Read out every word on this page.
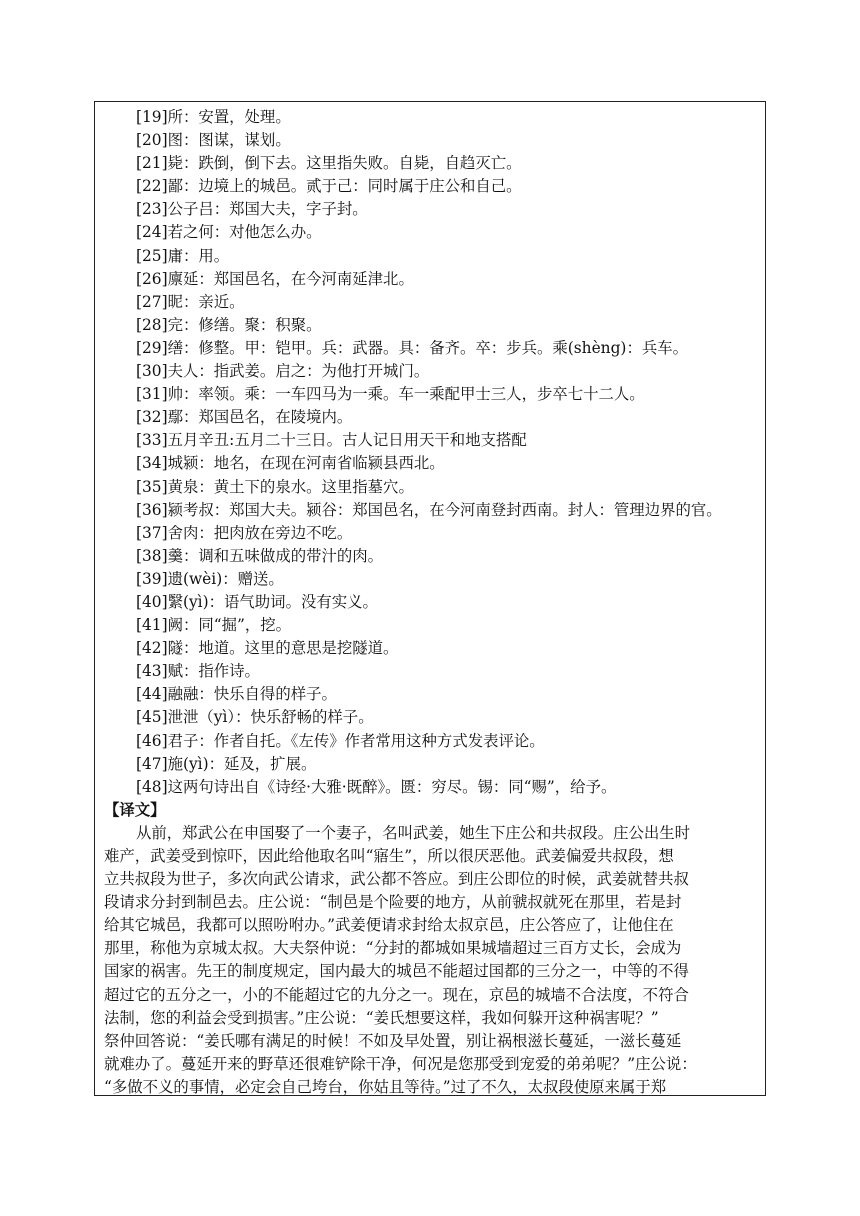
[19]所：安置，处理。
[20]图：图谋，谋划。
[21]毙：跌倒，倒下去。这里指失败。自毙，自趋灭亡。
[22]鄙：边境上的城邑。贰于己：同时属于庄公和自己。
[23]公子吕：郑国大夫，字子封。
[24]若之何：对他怎么办。
[25]庸：用。
[26]廪延：郑国邑名，在今河南延津北。
[27]昵：亲近。
[28]完：修缮。聚：积聚。
[29]缮：修整。甲：铠甲。兵：武器。具：备齐。卒：步兵。乘(shèng)：兵车。
[30]夫人：指武姜。启之：为他打开城门。
[31]帅：率领。乘：一车四马为一乘。车一乘配甲士三人，步卒七十二人。
[32]鄢：郑国邑名，在陵境内。
[33]五月辛丑:五月二十三日。古人记日用天干和地支搭配
[34]城颍：地名，在现在河南省临颍县西北。
[35]黄泉：黄土下的泉水。这里指墓穴。
[36]颍考叔：郑国大夫。颍谷：郑国邑名，在今河南登封西南。封人：管理边界的官。
[37]舍肉：把肉放在旁边不吃。
[38]羹：调和五味做成的带汁的肉。
[39]遗(wèi)：赠送。
[40]繄(yì)：语气助词。没有实义。
[41]阙：同“掘”，挖。
[42]隧：地道。这里的意思是挖隧道。
[43]赋：指作诗。
[44]融融：快乐自得的样子。
[45]泄泄（yì）：快乐舒畅的样子。
[46]君子：作者自托。《左传》作者常用这种方式发表评论。
[47]施(yì)：延及，扩展。
[48]这两句诗出自《诗经·大雅·既醉》。匮：穷尽。锡：同“赐”，给予。
【译文】
从前，郑武公在申国娶了一个妻子，名叫武姜，她生下庄公和共叔段。庄公出生时
难产，武姜受到惊吓，因此给他取名叫“寤生”，所以很厌恶他。武姜偏爱共叔段，想
立共叔段为世子，多次向武公请求，武公都不答应。到庄公即位的时候，武姜就替共叔
段请求分封到制邑去。庄公说：“制邑是个险要的地方，从前虢叔就死在那里，若是封
给其它城邑，我都可以照吩咐办。”武姜便请求封给太叔京邑，庄公答应了，让他住在
那里，称他为京城太叔。大夫祭仲说：“分封的都城如果城墙超过三百方丈长，会成为
国家的祸害。先王的制度规定，国内最大的城邑不能超过国都的三分之一，中等的不得
超过它的五分之一，小的不能超过它的九分之一。现在，京邑的城墙不合法度，不符合
法制，您的利益会受到损害。”庄公说：“姜氏想要这样，我如何躲开这种祸害呢？”
祭仲回答说：“姜氏哪有满足的时候！不如及早处置，别让祸根滋长蔓延，一滋长蔓延
就难办了。蔓延开来的野草还很难铲除干净，何况是您那受到宠爱的弟弟呢？”庄公说：
“多做不义的事情，必定会自己垮台，你姑且等待。”过了不久，太叔段使原来属于郑
